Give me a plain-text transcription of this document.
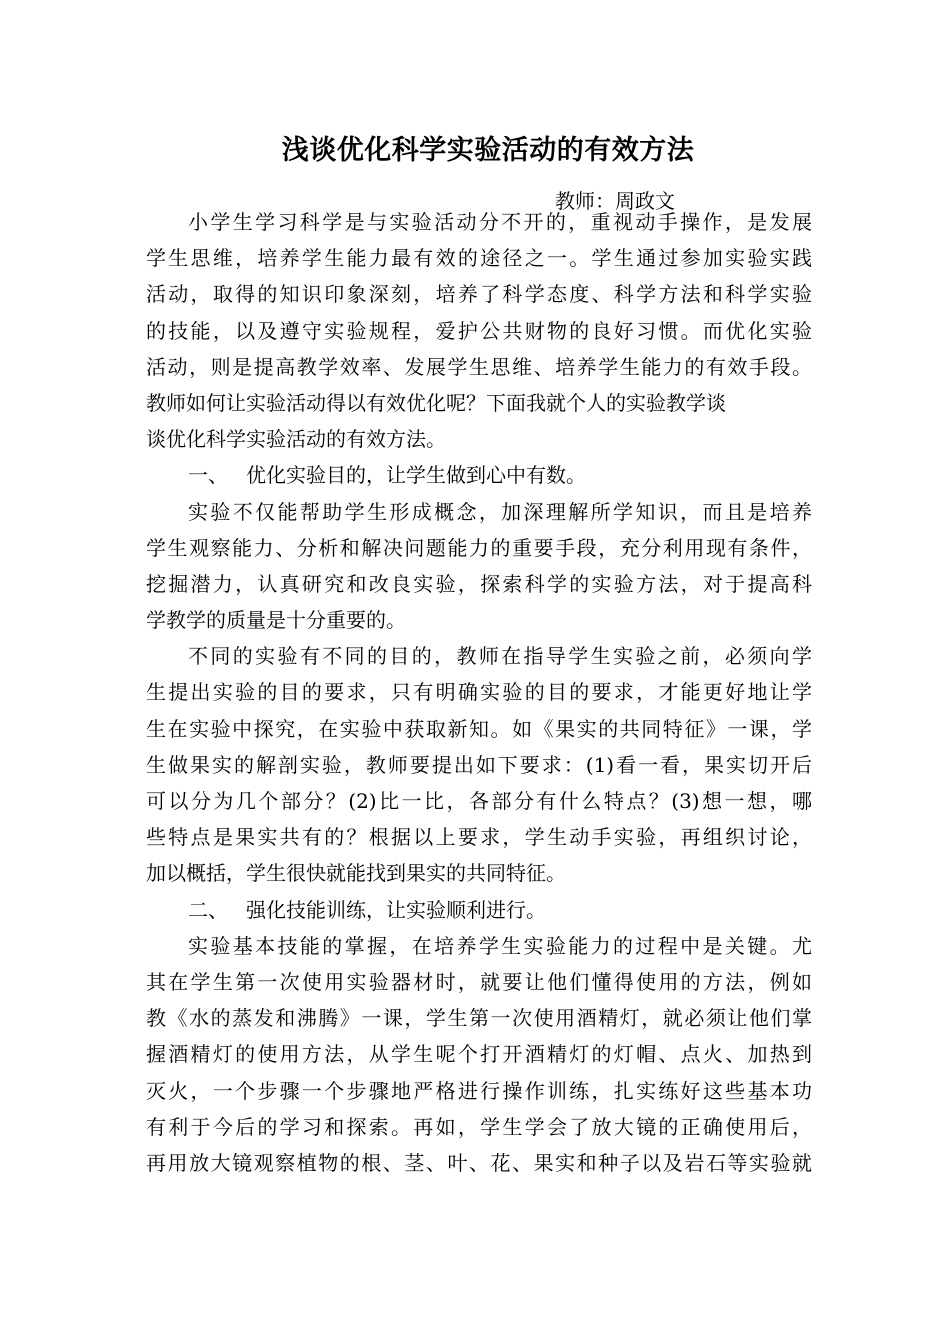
浅谈优化科学实验活动的有效方法
教师：周政文
小学生学习科学是与实验活动分不开的，重视动手操作，是发展
学生思维，培养学生能力最有效的途径之一。学生通过参加实验实践
活动，取得的知识印象深刻，培养了科学态度、科学方法和科学实验
的技能，以及遵守实验规程，爱护公共财物的良好习惯。而优化实验
活动，则是提高教学效率、发展学生思维、培养学生能力的有效手段。
教师如何让实验活动得以有效优化呢？下面我就个人的实验教学谈
谈优化科学实验活动的有效方法。
一、 优化实验目的，让学生做到心中有数。
实验不仅能帮助学生形成概念，加深理解所学知识，而且是培养
学生观察能力、分析和解决问题能力的重要手段，充分利用现有条件，
挖掘潜力，认真研究和改良实验，探索科学的实验方法，对于提高科
学教学的质量是十分重要的。
不同的实验有不同的目的，教师在指导学生实验之前，必须向学
生提出实验的目的要求，只有明确实验的目的要求，才能更好地让学
生在实验中探究，在实验中获取新知。如《果实的共同特征》一课，学
生做果实的解剖实验，教师要提出如下要求：(1)看一看，果实切开后
可以分为几个部分？(2)比一比，各部分有什么特点？(3)想一想，哪
些特点是果实共有的？根据以上要求，学生动手实验，再组织讨论，
加以概括，学生很快就能找到果实的共同特征。
二、 强化技能训练，让实验顺利进行。
实验基本技能的掌握，在培养学生实验能力的过程中是关键。尤
其在学生第一次使用实验器材时，就要让他们懂得使用的方法，例如
教《水的蒸发和沸腾》一课，学生第一次使用酒精灯，就必须让他们掌
握酒精灯的使用方法，从学生呢个打开酒精灯的灯帽、点火、加热到
灭火，一个步骤一个步骤地严格进行操作训练，扎实练好这些基本功
有利于今后的学习和探索。再如，学生学会了放大镜的正确使用后，
再用放大镜观察植物的根、茎、叶、花、果实和种子以及岩石等实验就
